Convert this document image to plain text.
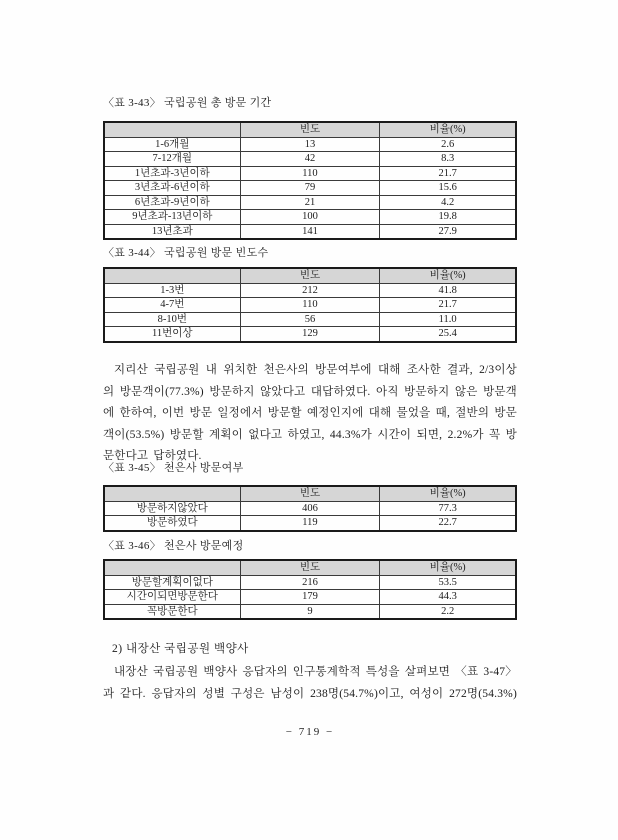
〈표 3-43〉 국립공원 총 방문 기간
	빈도	비율(%)
1-6개월	13	2.6
7-12개월	42	8.3
1년초과-3년이하	110	21.7
3년초과-6년이하	79	15.6
6년초과-9년이하	21	4.2
9년초과-13년이하	100	19.8
13년초과	141	27.9
〈표 3-44〉 국립공원 방문 빈도수
	빈도	비율(%)
1-3번	212	41.8
4-7번	110	21.7
8-10번	56	11.0
11번이상	129	25.4
지리산 국립공원 내 위치한 천은사의 방문여부에 대해 조사한 결과, 2/3이상의 방문객이(77.3%) 방문하지 않았다고 대답하였다. 아직 방문하지 않은 방문객에 한하여, 이번 방문 일정에서 방문할 예정인지에 대해 물었을 때, 절반의 방문객이(53.5%) 방문할 계획이 없다고 하였고, 44.3%가 시간이 되면, 2.2%가 꼭 방문한다고 답하였다.
〈표 3-45〉 천은사 방문여부
	빈도	비율(%)
방문하지않았다	406	77.3
방문하였다	119	22.7
〈표 3-46〉 천은사 방문예정
	빈도	비율(%)
방문할계획이없다	216	53.5
시간이되면방문한다	179	44.3
꼭방문한다	9	2.2
2) 내장산 국립공원 백양사
내장산 국립공원 백양사 응답자의 인구통계학적 특성을 살펴보면 〈표 3-47〉과 같다. 응답자의 성별 구성은 남성이 238명(54.7%)이고, 여성이 272명(54.3%)
− 719 −
